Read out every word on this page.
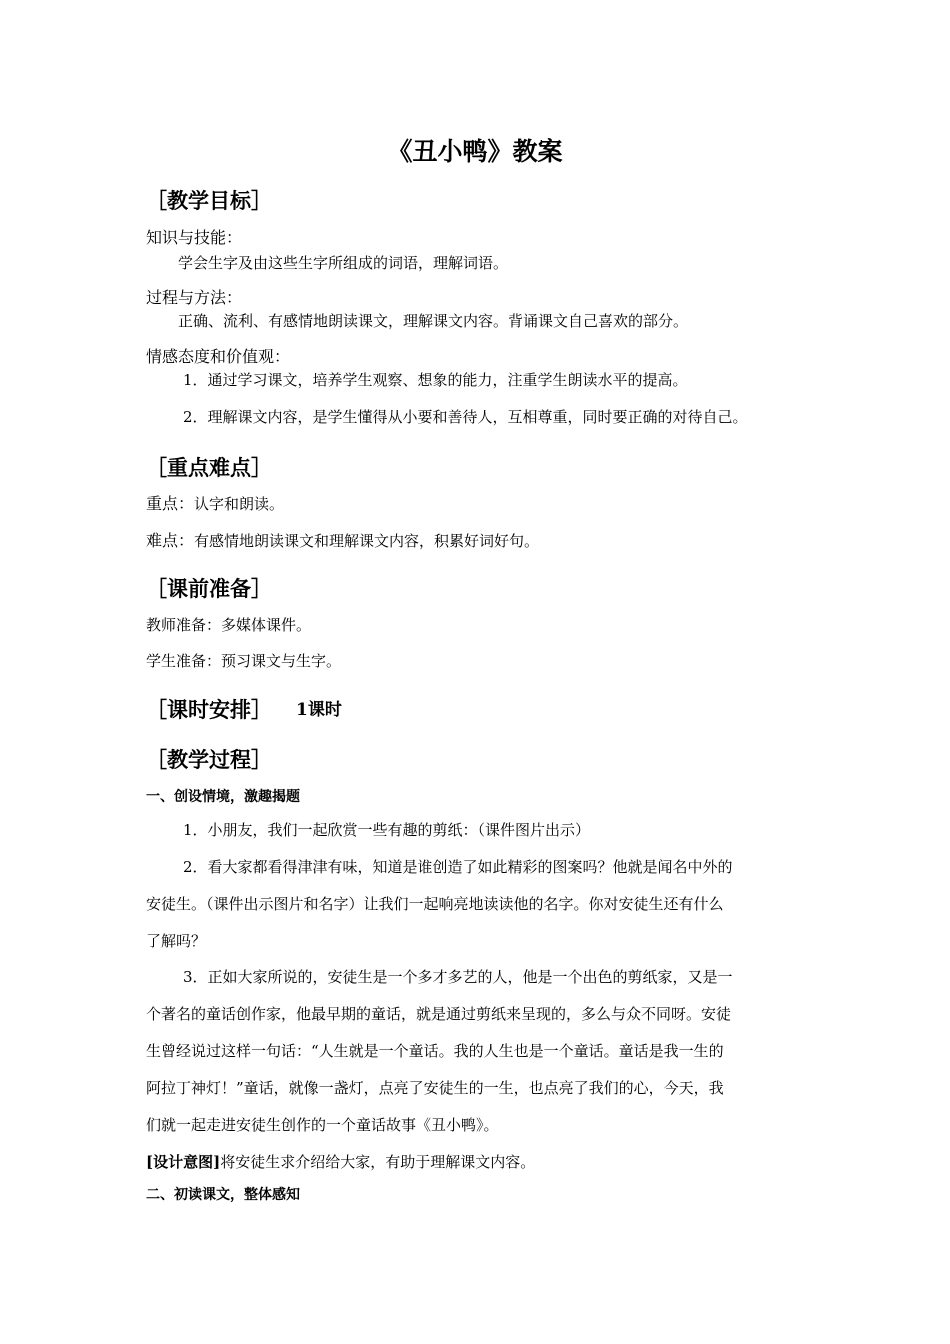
《丑小鸭》教案
［教学目标］
知识与技能：
学会生字及由这些生字所组成的词语，理解词语。
过程与方法：
正确、流利、有感情地朗读课文，理解课文内容。背诵课文自己喜欢的部分。
情感态度和价值观：
1．通过学习课文，培养学生观察、想象的能力，注重学生朗读水平的提高。
2．理解课文内容，是学生懂得从小要和善待人，互相尊重，同时要正确的对待自己。
［重点难点］
重点：认字和朗读。
难点：有感情地朗读课文和理解课文内容，积累好词好句。
［课前准备］
教师准备：多媒体课件。
学生准备：预习课文与生字。
［课时安排］ 1课时
［教学过程］
一、创设情境，激趣揭题
1．小朋友，我们一起欣赏一些有趣的剪纸：（课件图片出示）
2．看大家都看得津津有味，知道是谁创造了如此精彩的图案吗？他就是闻名中外的
安徒生。（课件出示图片和名字）让我们一起响亮地读读他的名字。你对安徒生还有什么
了解吗？
3．正如大家所说的，安徒生是一个多才多艺的人，他是一个出色的剪纸家，又是一
个著名的童话创作家，他最早期的童话，就是通过剪纸来呈现的，多么与众不同呀。安徒
生曾经说过这样一句话：“人生就是一个童话。我的人生也是一个童话。童话是我一生的
阿拉丁神灯！”童话，就像一盏灯，点亮了安徒生的一生，也点亮了我们的心，今天，我
们就一起走进安徒生创作的一个童话故事《丑小鸭》。
[设计意图]将安徒生求介绍给大家，有助于理解课文内容。
二、初读课文，整体感知
